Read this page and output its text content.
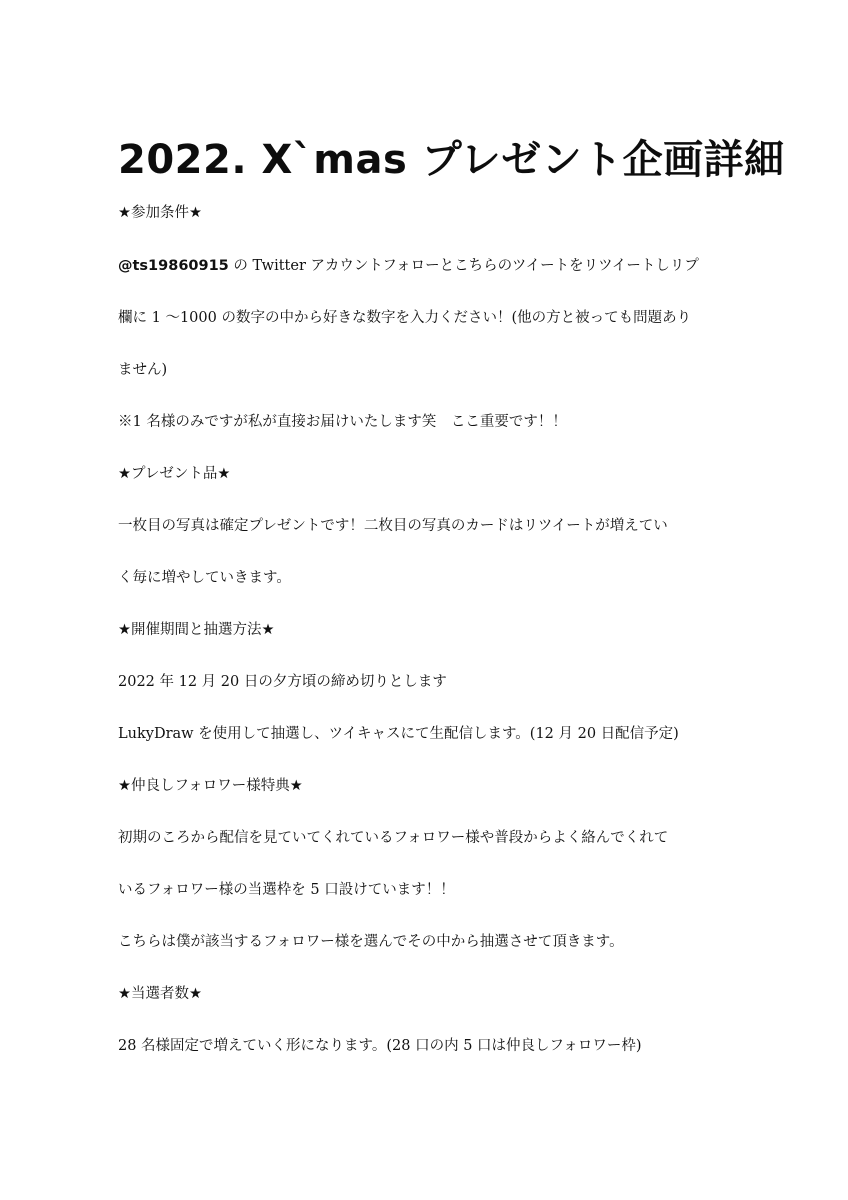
2022. X`mas プレゼント企画詳細

★参加条件★

@ts19860915 の Twitter アカウントフォローとこちらのツイートをリツイートしリプ

欄に 1 〜1000 の数字の中から好きな数字を入力ください！(他の方と被っても問題あり

ません)

※1 名様のみですが私が直接お届けいたします笑　ここ重要です！！

★プレゼント品★

一枚目の写真は確定プレゼントです！二枚目の写真のカードはリツイートが増えてい

く毎に増やしていきます。

★開催期間と抽選方法★

2022 年 12 月 20 日の夕方頃の締め切りとします

LukyDraw を使用して抽選し、ツイキャスにて生配信します。(12 月 20 日配信予定)

★仲良しフォロワー様特典★

初期のころから配信を見ていてくれているフォロワー様や普段からよく絡んでくれて

いるフォロワー様の当選枠を 5 口設けています！！

こちらは僕が該当するフォロワー様を選んでその中から抽選させて頂きます。

★当選者数★

28 名様固定で増えていく形になります。(28 口の内 5 口は仲良しフォロワー枠)
